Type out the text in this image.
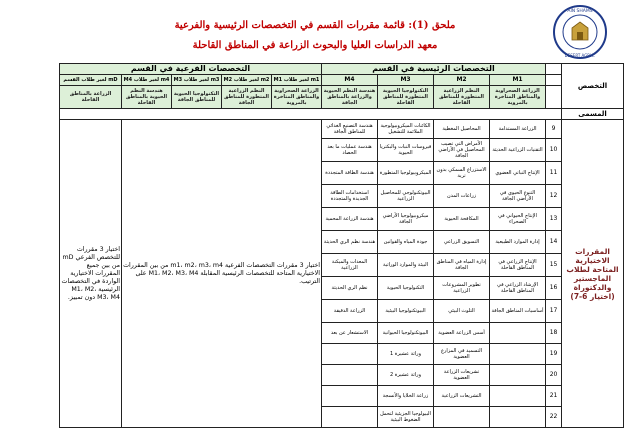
ملحق (1): قائمة مقررات القسم في التخصصات الرئيسية والفرعية
معهد الدراسات العليا والبحوث الزراعة في المناطق القاحلة
AIN SHAMS
DESERT AGRIC.
التخصص		التخصصات الرئيسية في القسم				التخصصات الفرعية في القسم				
		M1	M2	M3	M4	m1 لغير طلاب M1	m2 لغير طلاب M2	m3 لغير طلاب M3	m4 لغير طلاب M4	mD لغير طلاب القسم
		الزراعة الصحراوية والمناطق المتاخرة بالمروية	النظم الزراعية المتطورة للمناطق القاحلة	التكنولوجيا الحيوية المتطورة للمناطق القاحلة	هندسة النظم الحيوية والزراعة بالمناطق الجافة	الزراعة الصحراوية والمناطق المتاخرة بالمروية	النظم الزراعية المتطورة للمناطق الجافة	التكنولوجيا الحيوية للمناطق الجافة	هندسة النظم الحيوية بالمناطق القاحلة	الزراعة بالمناطق القاحلة
المسمى										
المقررات الاختيارية المتاحة لطلاب الماجستير والدكتوراة (اختيار 6-7)	9	الزراعة المستدامة	المحاصيل المغطية	الكائنات الميكروبيولوجية الملائمة للتشغيل	هندسة التصنيع الغذائي للمناطق الجافة	اختيار 3 مقررات التخصصات الفرعية m1، m2، m3، m4 من بين المقررات الاختيارية المتاحة للتخصصات الرئيسية المقابلة M1، M2، M3، M4 على الترتيب.				اختيار 3 مقررات للتخصص الفرعي mD من بين جميع المقررات الاختيارية الواردة في التخصصات الرئيسية M1، M2، M3، M4 دون تمييز.
	10	التقنيات الزراعية الحديثة	الأمراض التي تصيب المحاصيل في الأراضي الجافة	فيروسات النبات والبكتريا الحيوية	هندسة عمليات ما بعد الحصاد					
	11	الإنتاج النباتي العضوي	الاستزراع السمكي بدون تربة	الميكروبيولوجيا المتطورة	هندسة الطاقة المتجددة					
	12	التنوع الحيوي في الأراضي الجافة	زراعات المدن	البيوتكنولوجي للمحاصيل الزراعية	استخدامات الطاقة الجديدة والمتجددة					
	13	الإنتاج الحيواني في الصحراء	المكافحة الحيوية	ميكروبيولوجيا الأراضي الجافة	هندسة الزراعة المحمية					
	14	إدارة الموارد الطبيعية	التسويق الزراعي	جودة المياه والقوانين	هندسة نظم الري الحديثة					
	15	الإنتاج الزراعي في المناطق القاحلة	إدارة المياه في المناطق الجافة	البيئة والموارد الوراثية	المعدات والميكنة الزراعية					
	16	الإرشاد الزراعي في المناطق القاحلة	تطوير المشروعات الزراعية	التكنولوجيا الحيوية	نظم الري الحديثة					
	17	أساسيات المناطق الجافة	التلوث البيئي	البيوتكنولوجيا البيئية	الزراعة الدقيقة					
	18		أسس الزراعة العضوية	البيوتكنولوجيا الحيوانية	الاستشعار عن بعد					
	19		التسميد في المزارع العضوية	وراثة عشيرة 1						
	20		تشريعات الزراعة العضوية	وراثة عشيرة 2						
	21		التشريعات الزراعية	زراعة الخلايا والأنسجة						
	22			البيولوجيا الجزيئية لتحمل الضغوط البيئية						
